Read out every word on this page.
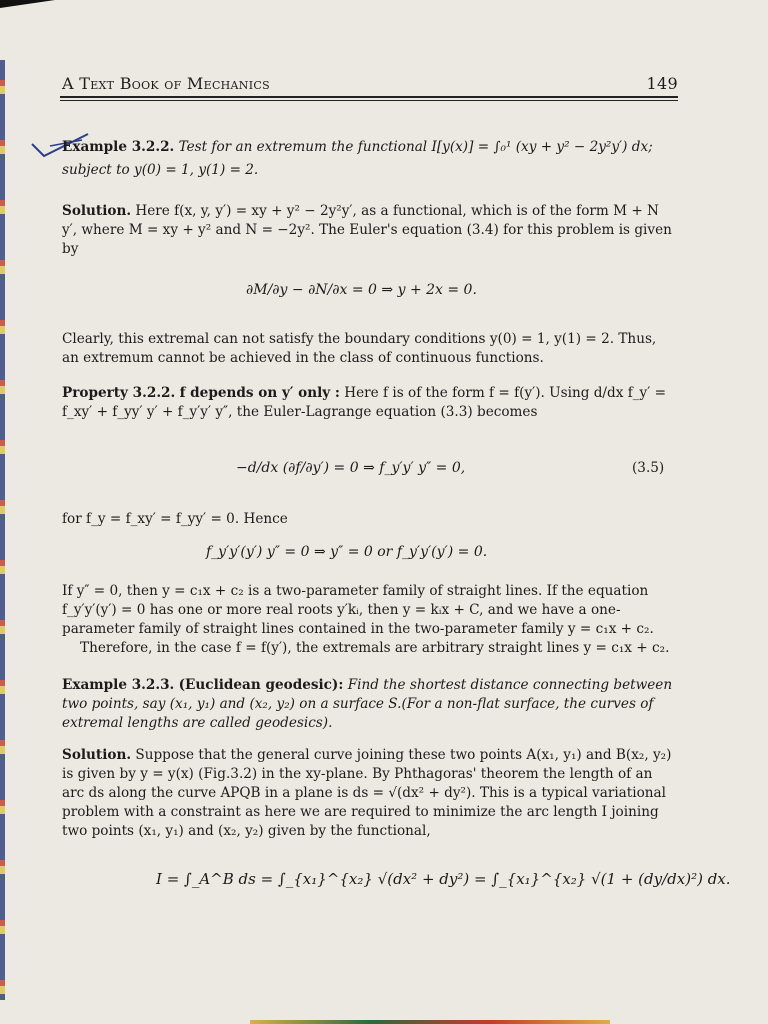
A Text Book of Mechanics	149

Example 3.2.2. Test for an extremum the functional I[y(x)] = ∫₀¹ (xy + y² − 2y²y′) dx;

subject to y(0) = 1, y(1) = 2.

Solution. Here f(x, y, y′) = xy + y² − 2y²y′, as a functional, which is of the form M + N y′, where M = xy + y² and N = −2y². The Euler's equation (3.4) for this problem is given by

∂M/∂y − ∂N/∂x = 0 ⇒ y + 2x = 0.

Clearly, this extremal can not satisfy the boundary conditions y(0) = 1, y(1) = 2. Thus, an extremum cannot be achieved in the class of continuous functions.

Property 3.2.2. f depends on y′ only : Here f is of the form f = f(y′). Using d/dx f_y′ = f_xy′ + f_yy′ y′ + f_y′y′ y″, the Euler-Lagrange equation (3.3) becomes

−d/dx (∂f/∂y′) = 0 ⇒ f_y′y′ y″ = 0,	(3.5)

for f_y = f_xy′ = f_yy′ = 0. Hence

f_y′y′(y′) y″ = 0 ⇒ y″ = 0 or f_y′y′(y′) = 0.

If y″ = 0, then y = c₁x + c₂ is a two-parameter family of straight lines. If the equation f_y′y′(y′) = 0 has one or more real roots y′kᵢ, then y = kᵢx + C, and we have a one-parameter family of straight lines contained in the two-parameter family y = c₁x + c₂.

Therefore, in the case f = f(y′), the extremals are arbitrary straight lines y = c₁x + c₂.

Example 3.2.3. (Euclidean geodesic): Find the shortest distance connecting between two points, say (x₁, y₁) and (x₂, y₂) on a surface S.(For a non-flat surface, the curves of extremal lengths are called geodesics).

Solution. Suppose that the general curve joining these two points A(x₁, y₁) and B(x₂, y₂) is given by y = y(x) (Fig.3.2) in the xy-plane. By Phthagoras' theorem the length of an arc ds along the curve APQB in a plane is ds = √(dx² + dy²). This is a typical variational problem with a constraint as here we are required to minimize the arc length I joining two points (x₁, y₁) and (x₂, y₂) given by the functional,

I = ∫_A^B ds = ∫_{x₁}^{x₂} √(dx² + dy²) = ∫_{x₁}^{x₂} √(1 + (dy/dx)²) dx.
